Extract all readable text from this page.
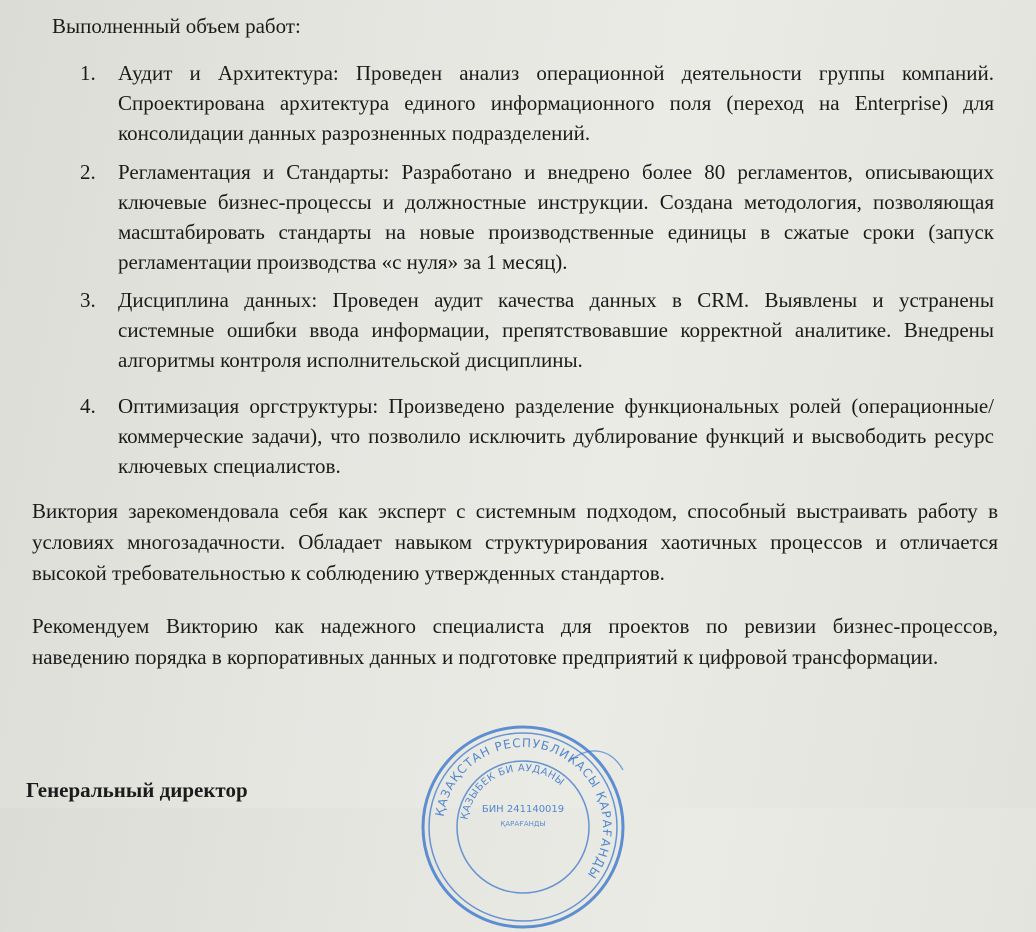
Выполненный объем работ:
1. Аудит и Архитектура: Проведен анализ операционной деятельности группы компаний. Спроектирована архитектура единого информационного поля (переход на Enterprise) для консолидации данных разрозненных подразделений.
2. Регламентация и Стандарты: Разработано и внедрено более 80 регламентов, описывающих ключевые бизнес-процессы и должностные инструкции. Создана методология, позволяющая масштабировать стандарты на новые производственные единицы в сжатые сроки (запуск регламентации производства «с нуля» за 1 месяц).
3. Дисциплина данных: Проведен аудит качества данных в CRM. Выявлены и устранены системные ошибки ввода информации, препятствовавшие корректной аналитике. Внедрены алгоритмы контроля исполнительской дисциплины.
4. Оптимизация оргструктуры: Произведено разделение функциональных ролей (операционные/коммерческие задачи), что позволило исключить дублирование функций и высвободить ресурс ключевых специалистов.
Виктория зарекомендовала себя как эксперт с системным подходом, способный выстраивать работу в условиях многозадачности. Обладает навыком структурирования хаотичных процессов и отличается высокой требовательностью к соблюдению утвержденных стандартов.
Рекомендуем Викторию как надежного специалиста для проектов по ревизии бизнес-процессов, наведению порядка в корпоративных данных и подготовке предприятий к цифровой трансформации.
Генеральный директор
ҚАЗАҚСТАН РЕСПУБЛИКАСЫ ҚАРАҒАНДЫ
ҚАЗЫБЕК БИ АУДАНЫ
БИН 241140019
ҚАРАҒАНДЫ
